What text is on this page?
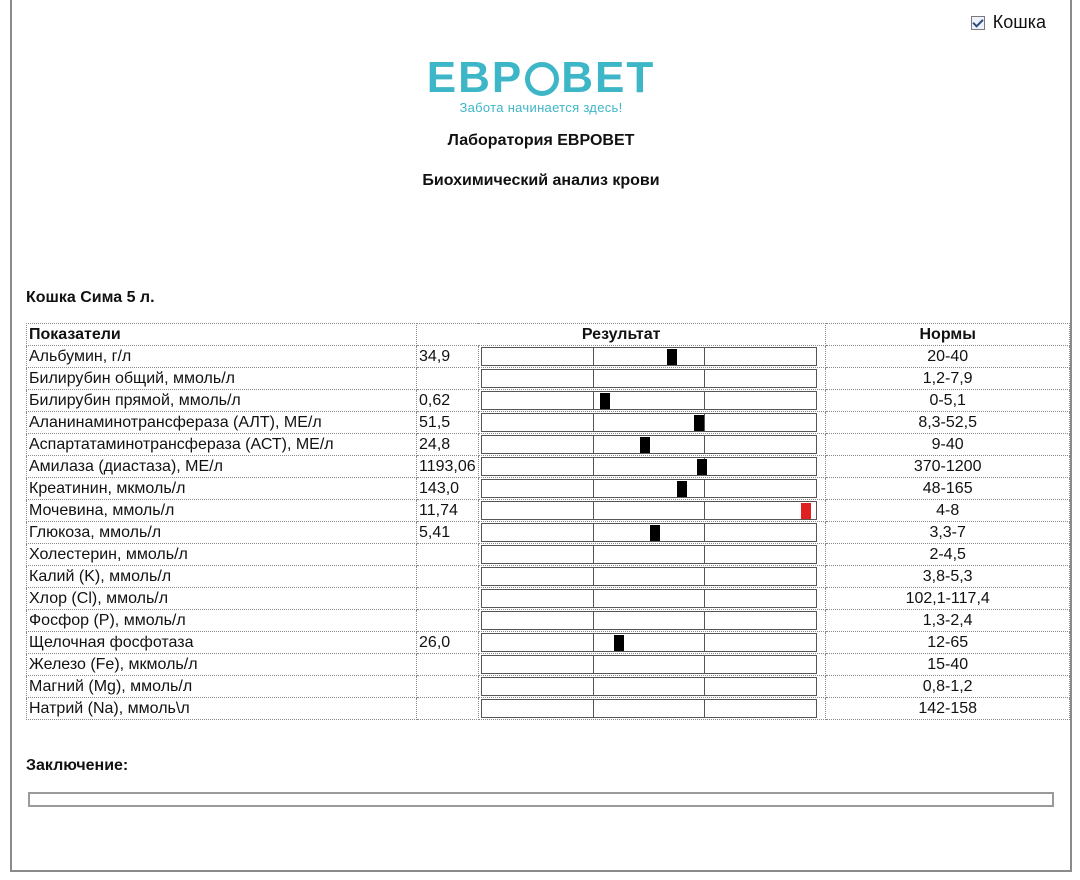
Кошка
ЕВР ВЕТ
Забота начинается здесь!
Лаборатория ЕВРОВЕТ
Биохимический анализ крови
Кошка Сима 5 л.
Показатели	Результат		Нормы
Альбумин, г/л	34,9		20-40
Билирубин общий, ммоль/л			1,2-7,9
Билирубин прямой, ммоль/л	0,62		0-5,1
Аланинаминотрансфераза (АЛТ), МЕ/л	51,5		8,3-52,5
Аспартатаминотрансфераза (АСТ), МЕ/л	24,8		9-40
Амилаза (диастаза), МЕ/л	1193,06		370-1200
Креатинин, мкмоль/л	143,0		48-165
Мочевина, ммоль/л	11,74		4-8
Глюкоза, ммоль/л	5,41		3,3-7
Холестерин, ммоль/л			2-4,5
Калий (K), ммоль/л			3,8-5,3
Хлор (Cl), ммоль/л			102,1-117,4
Фосфор (P), ммоль/л			1,3-2,4
Щелочная фосфотаза	26,0		12-65
Железо (Fe), мкмоль/л			15-40
Магний (Mg), ммоль/л			0,8-1,2
Натрий (Na), ммоль\л			142-158
Заключение:
